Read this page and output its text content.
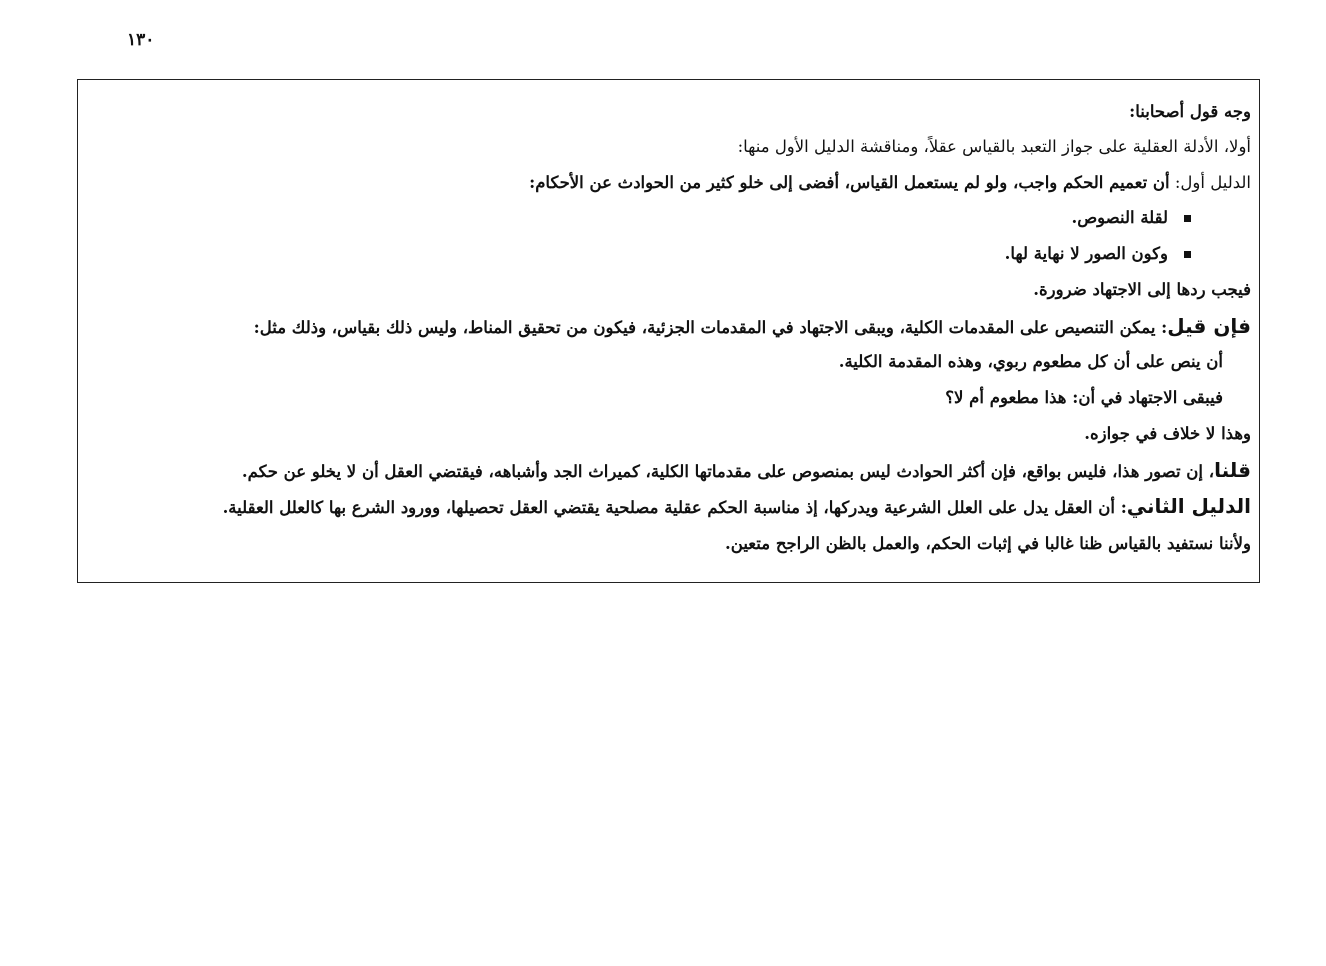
١٣٠
وجه قول أصحابنا:
أولا، الأدلة العقلية على جواز التعبد بالقياس عقلاً، ومناقشة الدليل الأول منها:
الدليل أول: أن تعميم الحكم واجب، ولو لم يستعمل القياس، أفضى إلى خلو كثير من الحوادث عن الأحكام:
لقلة النصوص.
وكون الصور لا نهاية لها.
فيجب ردها إلى الاجتهاد ضرورة.
فإن قيل: يمكن التنصيص على المقدمات الكلية، ويبقى الاجتهاد في المقدمات الجزئية، فيكون من تحقيق المناط، وليس ذلك بقياس، وذلك مثل:
أن ينص على أن كل مطعوم ربوي، وهذه المقدمة الكلية.
فيبقى الاجتهاد في أن: هذا مطعوم أم لا؟
وهذا لا خلاف في جوازه.
قلنا، إن تصور هذا، فليس بواقع، فإن أكثر الحوادث ليس بمنصوص على مقدماتها الكلية، كميراث الجد وأشباهه، فيقتضي العقل أن لا يخلو عن حكم.
الدليل الثاني: أن العقل يدل على العلل الشرعية ويدركها، إذ مناسبة الحكم عقلية مصلحية يقتضي العقل تحصيلها، وورود الشرع بها كالعلل العقلية.
ولأننا نستفيد بالقياس ظنا غالبا في إثبات الحكم، والعمل بالظن الراجح متعين.
